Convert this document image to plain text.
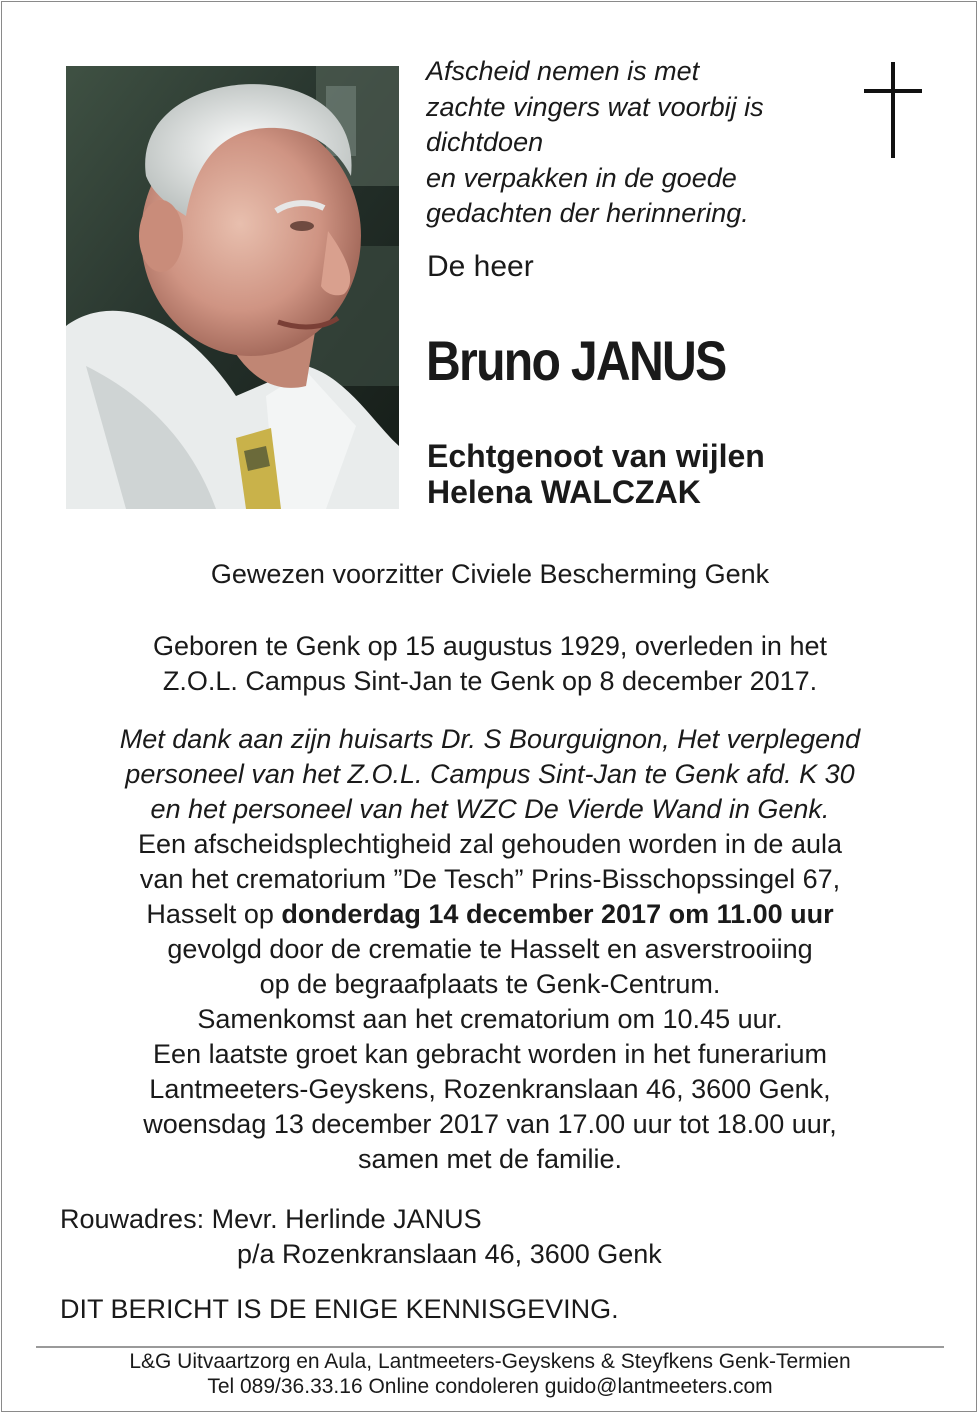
Afscheid nemen is met
zachte vingers wat voorbij is
dichtdoen
en verpakken in de goede
gedachten der herinnering.
De heer
Bruno JANUS
Echtgenoot van wijlen
Helena WALCZAK
Gewezen voorzitter Civiele Bescherming Genk
Geboren te Genk op 15 augustus 1929, overleden in het
Z.O.L. Campus Sint-Jan te Genk op 8 december 2017.
Met dank aan zijn huisarts Dr. S Bourguignon, Het verplegend
personeel van het Z.O.L. Campus Sint-Jan te Genk afd. K 30
en het personeel van het WZC De Vierde Wand in Genk.
Een afscheidsplechtigheid zal gehouden worden in de aula
van het crematorium ”De Tesch” Prins-Bisschopssingel 67,
Hasselt op donderdag 14 december 2017 om 11.00 uur
gevolgd door de crematie te Hasselt en asverstrooiing
op de begraafplaats te Genk-Centrum.
Samenkomst aan het crematorium om 10.45 uur.
Een laatste groet kan gebracht worden in het funerarium
Lantmeeters-Geyskens, Rozenkranslaan 46, 3600 Genk,
woensdag 13 december 2017 van 17.00 uur tot 18.00 uur,
samen met de familie.
Rouwadres: Mevr. Herlinde JANUS
p/a Rozenkranslaan 46, 3600 Genk
DIT BERICHT IS DE ENIGE KENNISGEVING.
L&G Uitvaartzorg en Aula, Lantmeeters-Geyskens & Steyfkens Genk-Termien
Tel 089/36.33.16 Online condoleren guido@lantmeeters.com
